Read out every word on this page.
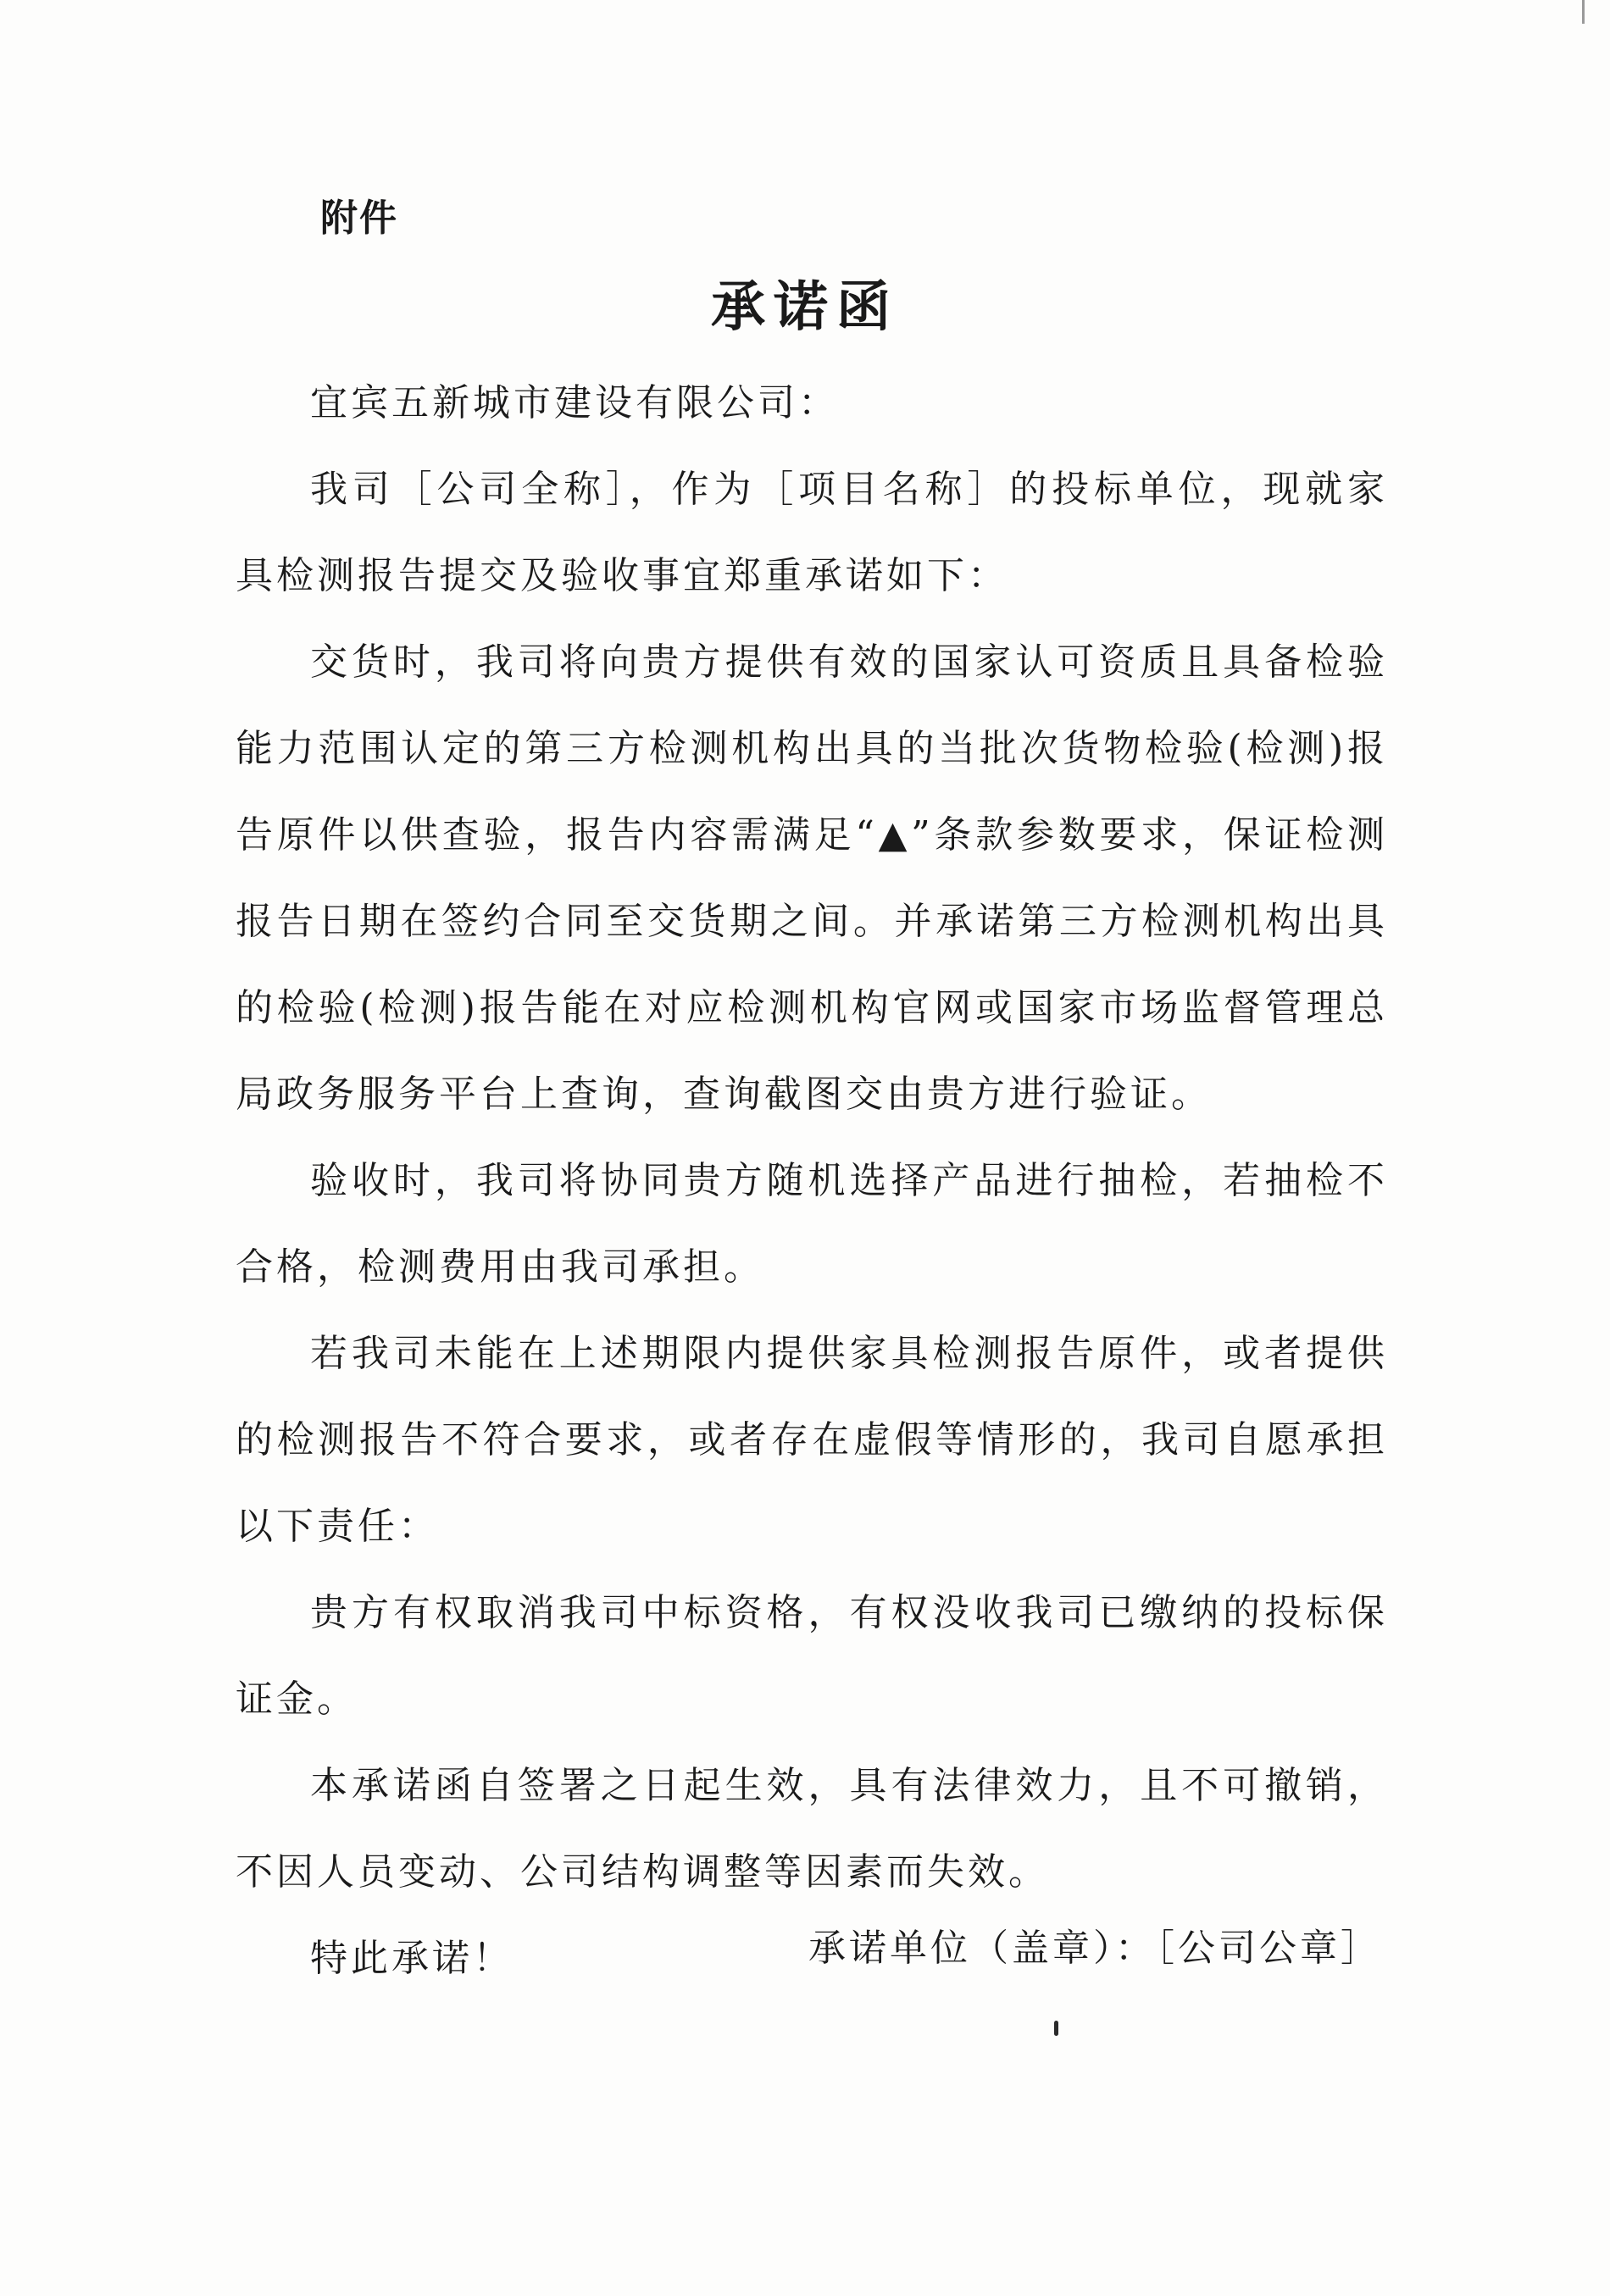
附件
承诺函

宜宾五新城市建设有限公司：

我司［公司全称］，作为［项目名称］的投标单位，现就家具检测报告提交及验收事宜郑重承诺如下：

交货时，我司将向贵方提供有效的国家认可资质且具备检验能力范围认定的第三方检测机构出具的当批次货物检验(检测)报告原件以供查验，报告内容需满足“▲”条款参数要求，保证检测报告日期在签约合同至交货期之间。并承诺第三方检测机构出具的检验(检测)报告能在对应检测机构官网或国家市场监督管理总局政务服务平台上查询，查询截图交由贵方进行验证。

验收时，我司将协同贵方随机选择产品进行抽检，若抽检不合格，检测费用由我司承担。

若我司未能在上述期限内提供家具检测报告原件，或者提供的检测报告不符合要求，或者存在虚假等情形的，我司自愿承担以下责任：

贵方有权取消我司中标资格，有权没收我司已缴纳的投标保证金。

本承诺函自签署之日起生效，具有法律效力，且不可撤销，不因人员变动、公司结构调整等因素而失效。

特此承诺！	承诺单位（盖章）：［公司公章］
